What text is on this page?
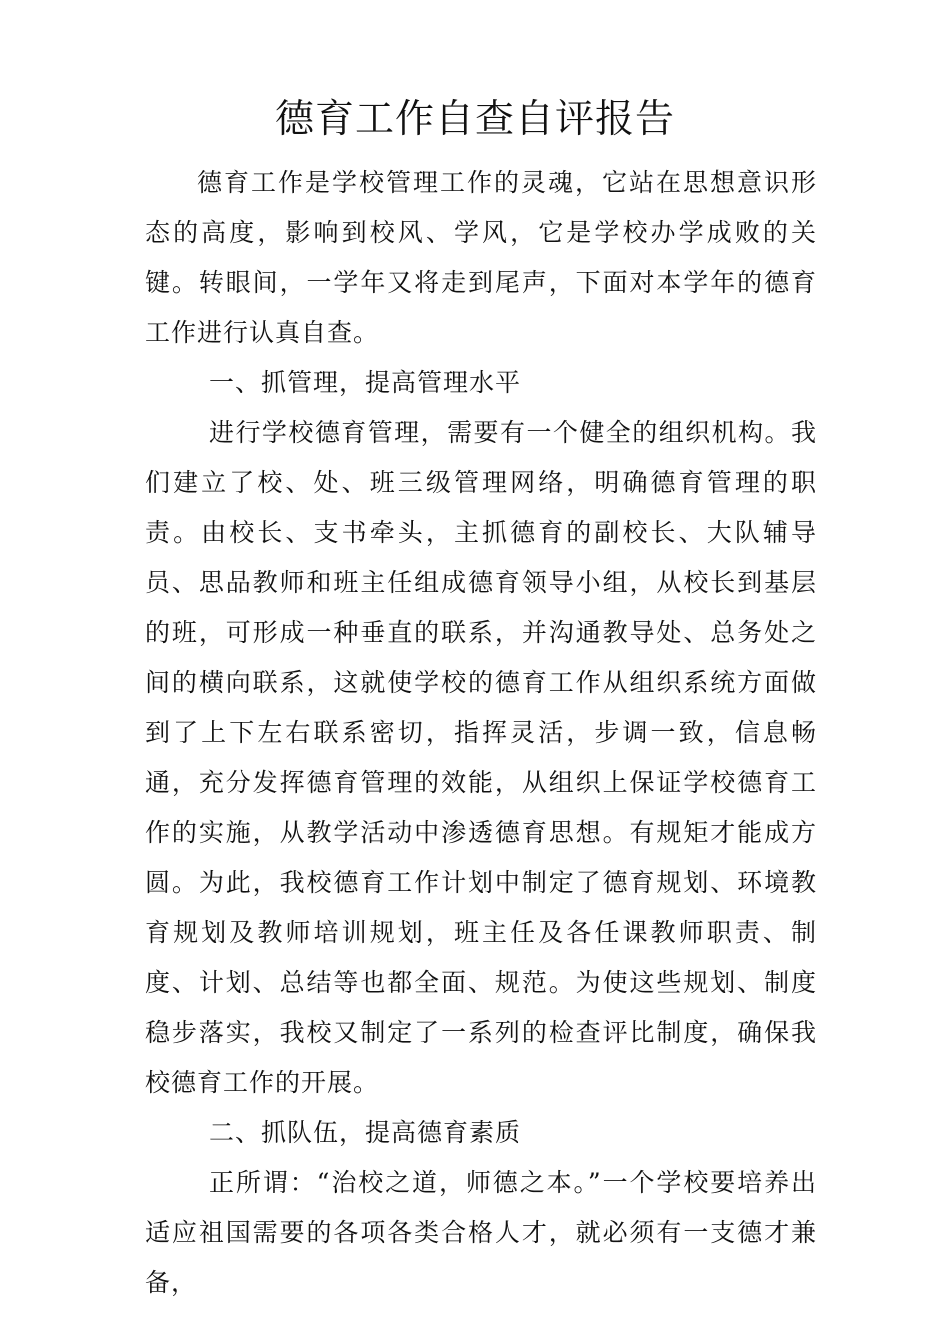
德育工作自查自评报告

德育工作是学校管理工作的灵魂，它站在思想意识形态的高度，影响到校风、学风，它是学校办学成败的关键。转眼间，一学年又将走到尾声，下面对本学年的德育工作进行认真自查。

一、抓管理，提高管理水平

进行学校德育管理，需要有一个健全的组织机构。我们建立了校、处、班三级管理网络，明确德育管理的职责。由校长、支书牵头，主抓德育的副校长、大队辅导员、思品教师和班主任组成德育领导小组，从校长到基层的班，可形成一种垂直的联系，并沟通教导处、总务处之间的横向联系，这就使学校的德育工作从组织系统方面做到了上下左右联系密切，指挥灵活，步调一致，信息畅通，充分发挥德育管理的效能，从组织上保证学校德育工作的实施，从教学活动中渗透德育思想。有规矩才能成方圆。为此，我校德育工作计划中制定了德育规划、环境教育规划及教师培训规划，班主任及各任课教师职责、制度、计划、总结等也都全面、规范。为使这些规划、制度稳步落实，我校又制定了一系列的检查评比制度，确保我校德育工作的开展。

二、抓队伍，提高德育素质

正所谓：“治校之道，师德之本。”一个学校要培养出适应祖国需要的各项各类合格人才，就必须有一支德才兼备，
